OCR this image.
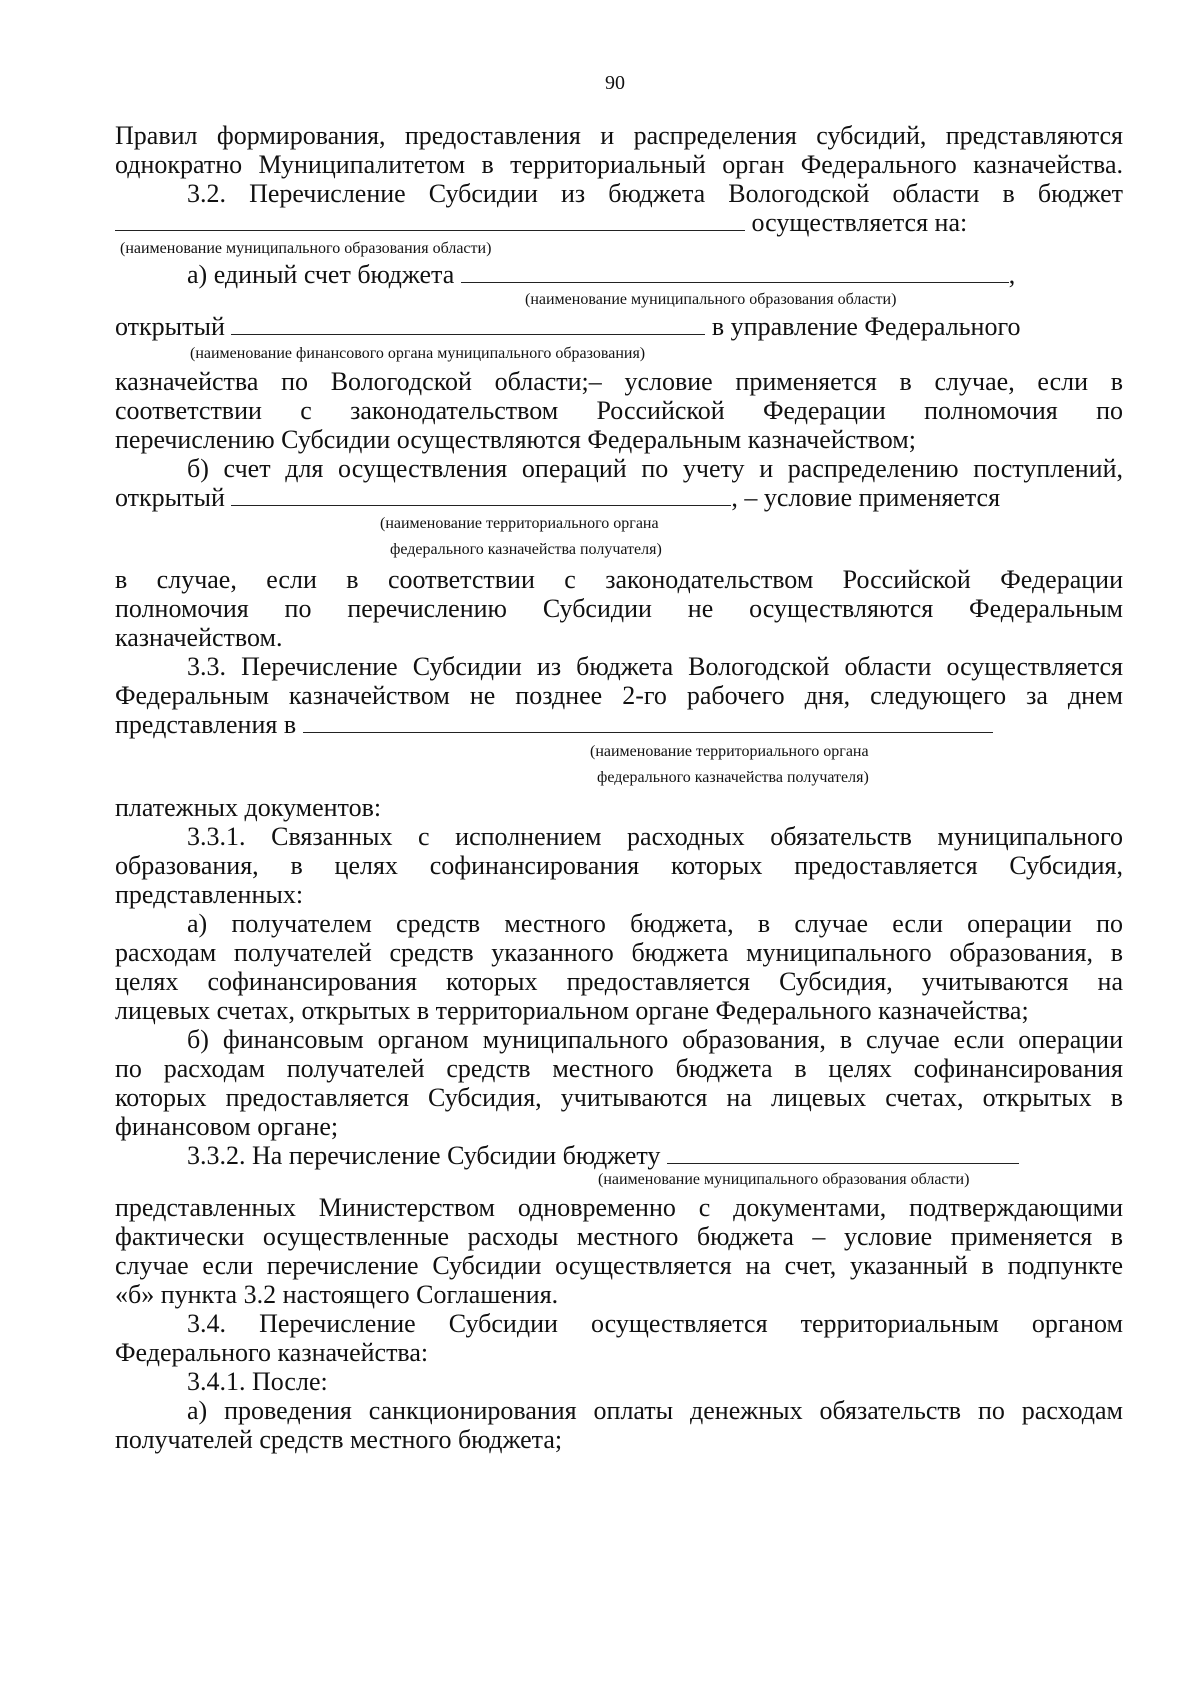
90
Правил формирования, предоставления и распределения субсидий, представляются
однократно Муниципалитетом в территориальный орган Федерального казначейства.
3.2. Перечисление Субсидии из бюджета Вологодской области в бюджет
осуществляется на:
(наименование муниципального образования области)
а) единый счет бюджета	,
(наименование муниципального образования области)
открытый	в управление Федерального
(наименование финансового органа муниципального образования)
казначейства по Вологодской области;– условие применяется в случае, если в
соответствии с законодательством Российской Федерации полномочия по
перечислению Субсидии осуществляются Федеральным казначейством;
б) счет для осуществления операций по учету и распределению поступлений,
открытый	, – условие применяется
(наименование территориального органа
федерального казначейства получателя)
в случае, если в соответствии с законодательством Российской Федерации
полномочия по перечислению Субсидии не осуществляются Федеральным
казначейством.
3.3. Перечисление Субсидии из бюджета Вологодской области осуществляется
Федеральным казначейством не позднее 2-го рабочего дня, следующего за днем
представления в
(наименование территориального органа
федерального казначейства получателя)
платежных документов:
3.3.1. Связанных с исполнением расходных обязательств муниципального
образования, в целях софинансирования которых предоставляется Субсидия,
представленных:
а) получателем средств местного бюджета, в случае если операции по
расходам получателей средств указанного бюджета муниципального образования, в
целях софинансирования которых предоставляется Субсидия, учитываются на
лицевых счетах, открытых в территориальном органе Федерального казначейства;
б) финансовым органом муниципального образования, в случае если операции
по расходам получателей средств местного бюджета в целях софинансирования
которых предоставляется Субсидия, учитываются на лицевых счетах, открытых в
финансовом органе;
3.3.2. На перечисление Субсидии бюджету
(наименование муниципального образования области)
представленных Министерством одновременно с документами, подтверждающими
фактически осуществленные расходы местного бюджета – условие применяется в
случае если перечисление Субсидии осуществляется на счет, указанный в подпункте
«б» пункта 3.2 настоящего Соглашения.
3.4. Перечисление Субсидии осуществляется территориальным органом
Федерального казначейства:
3.4.1. После:
а) проведения санкционирования оплаты денежных обязательств по расходам
получателей средств местного бюджета;
